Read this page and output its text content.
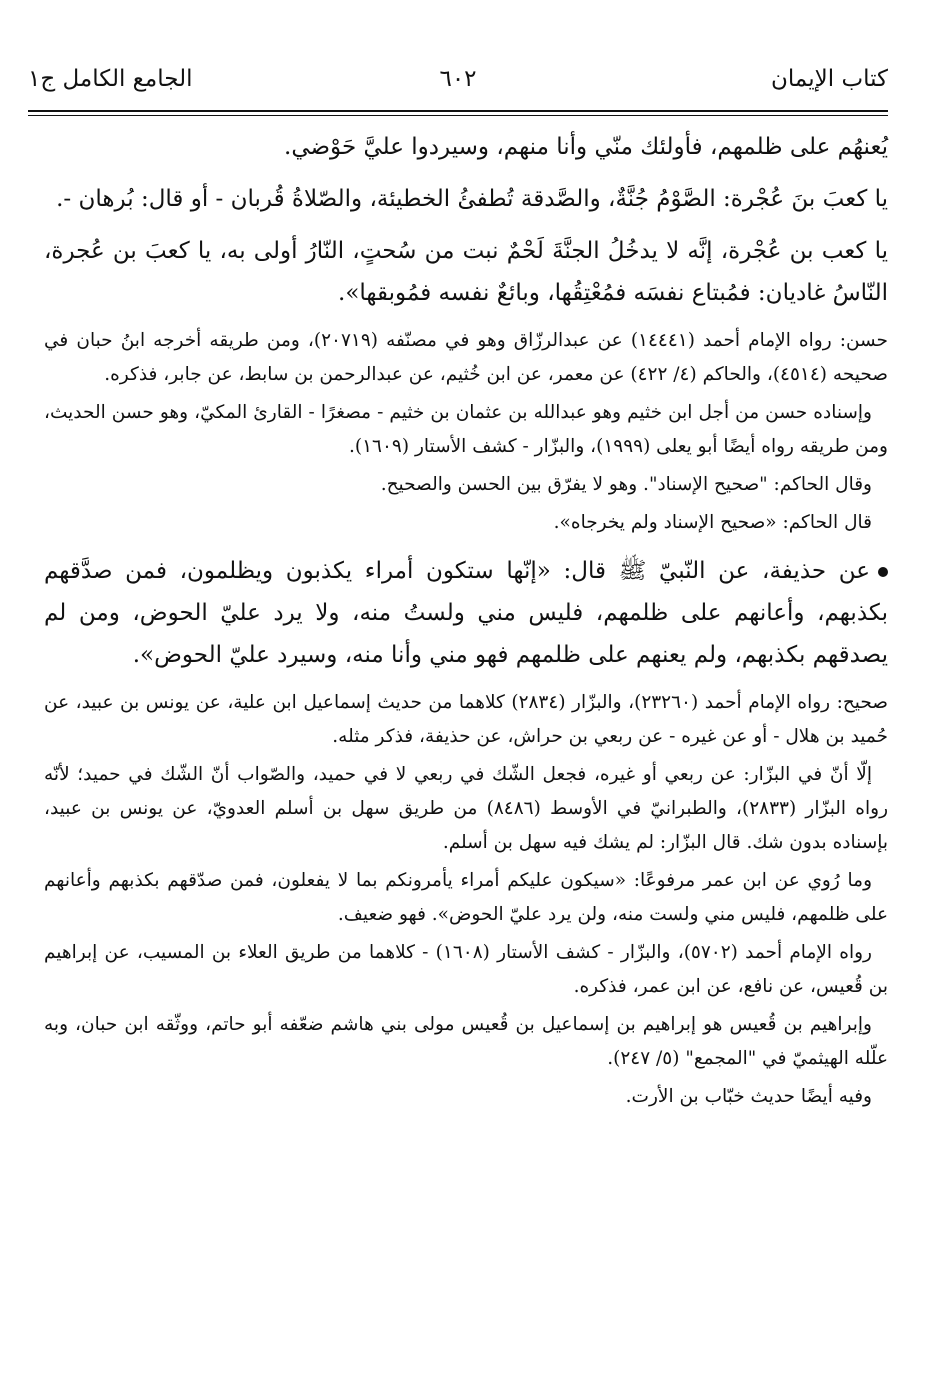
كتاب الإيمان
٦٠٢
الجامع الكامل ج١

يُعنهُم على ظلمهم، فأولئك منّي وأنا منهم، وسيردوا عليَّ حَوْضي.

يا كعبَ بنَ عُجْرة: الصَّوْمُ جُنَّةٌ، والصَّدقة تُطفئُ الخطيئة، والصّلاةُ قُربان - أو قال: بُرهان -.

يا كعب بن عُجْرة، إنَّه لا يدخُلُ الجنَّةَ لَحْمٌ نبت من سُحتٍ، النّارُ أولى به، يا كعبَ بن عُجرة، النّاسُ غاديان: فمُبتاع نفسَه فمُعْتِقُها، وبائعٌ نفسه فمُوبقها».

حسن: رواه الإمام أحمد (١٤٤٤١) عن عبدالرزّاق وهو في مصنّفه (٢٠٧١٩)، ومن طريقه أخرجه ابنُ حبان في صحيحه (٤٥١٤)، والحاكم (٤/ ٤٢٢) عن معمر، عن ابن خُثيم، عن عبدالرحمن بن سابط، عن جابر، فذكره.

وإسناده حسن من أجل ابن خثيم وهو عبدالله بن عثمان بن خثيم - مصغرًا - القارئ المكيّ، وهو حسن الحديث، ومن طريقه رواه أيضًا أبو يعلى (١٩٩٩)، والبزّار - كشف الأستار (١٦٠٩).

وقال الحاكم: "صحيح الإسناد". وهو لا يفرّق بين الحسن والصحيح.

قال الحاكم: «صحيح الإسناد ولم يخرجاه».

عن حذيفة، عن النّبيّ ﷺ قال: «إنّها ستكون أمراء يكذبون ويظلمون، فمن صدَّقهم بكذبهم، وأعانهم على ظلمهم، فليس مني ولستُ منه، ولا يرد عليّ الحوض، ومن لم يصدقهم بكذبهم، ولم يعنهم على ظلمهم فهو مني وأنا منه، وسيرد عليّ الحوض».

صحيح: رواه الإمام أحمد (٢٣٢٦٠)، والبزّار (٢٨٣٤) كلاهما من حديث إسماعيل ابن علية، عن يونس بن عبيد، عن حُميد بن هلال - أو عن غيره - عن ربعي بن حراش، عن حذيفة، فذكر مثله.

إلّا أنّ في البزّار: عن ربعي أو غيره، فجعل الشّك في ربعي لا في حميد، والصّواب أنّ الشّك في حميد؛ لأنّه رواه البزّار (٢٨٣٣)، والطبرانيّ في الأوسط (٨٤٨٦) من طريق سهل بن أسلم العدويّ، عن يونس بن عبيد، بإسناده بدون شك. قال البزّار: لم يشك فيه سهل بن أسلم.

وما رُوي عن ابن عمر مرفوعًا: «سيكون عليكم أمراء يأمرونكم بما لا يفعلون، فمن صدّقهم بكذبهم وأعانهم على ظلمهم، فليس مني ولست منه، ولن يرد عليّ الحوض». فهو ضعيف.

رواه الإمام أحمد (٥٧٠٢)، والبزّار - كشف الأستار (١٦٠٨) - كلاهما من طريق العلاء بن المسيب، عن إبراهيم بن قُعيس، عن نافع، عن ابن عمر، فذكره.

وإبراهيم بن قُعيس هو إبراهيم بن إسماعيل بن قُعيس مولى بني هاشم ضعّفه أبو حاتم، ووثّقه ابن حبان، وبه علّله الهيثميّ في "المجمع" (٥/ ٢٤٧).

وفيه أيضًا حديث خبّاب بن الأرت.
